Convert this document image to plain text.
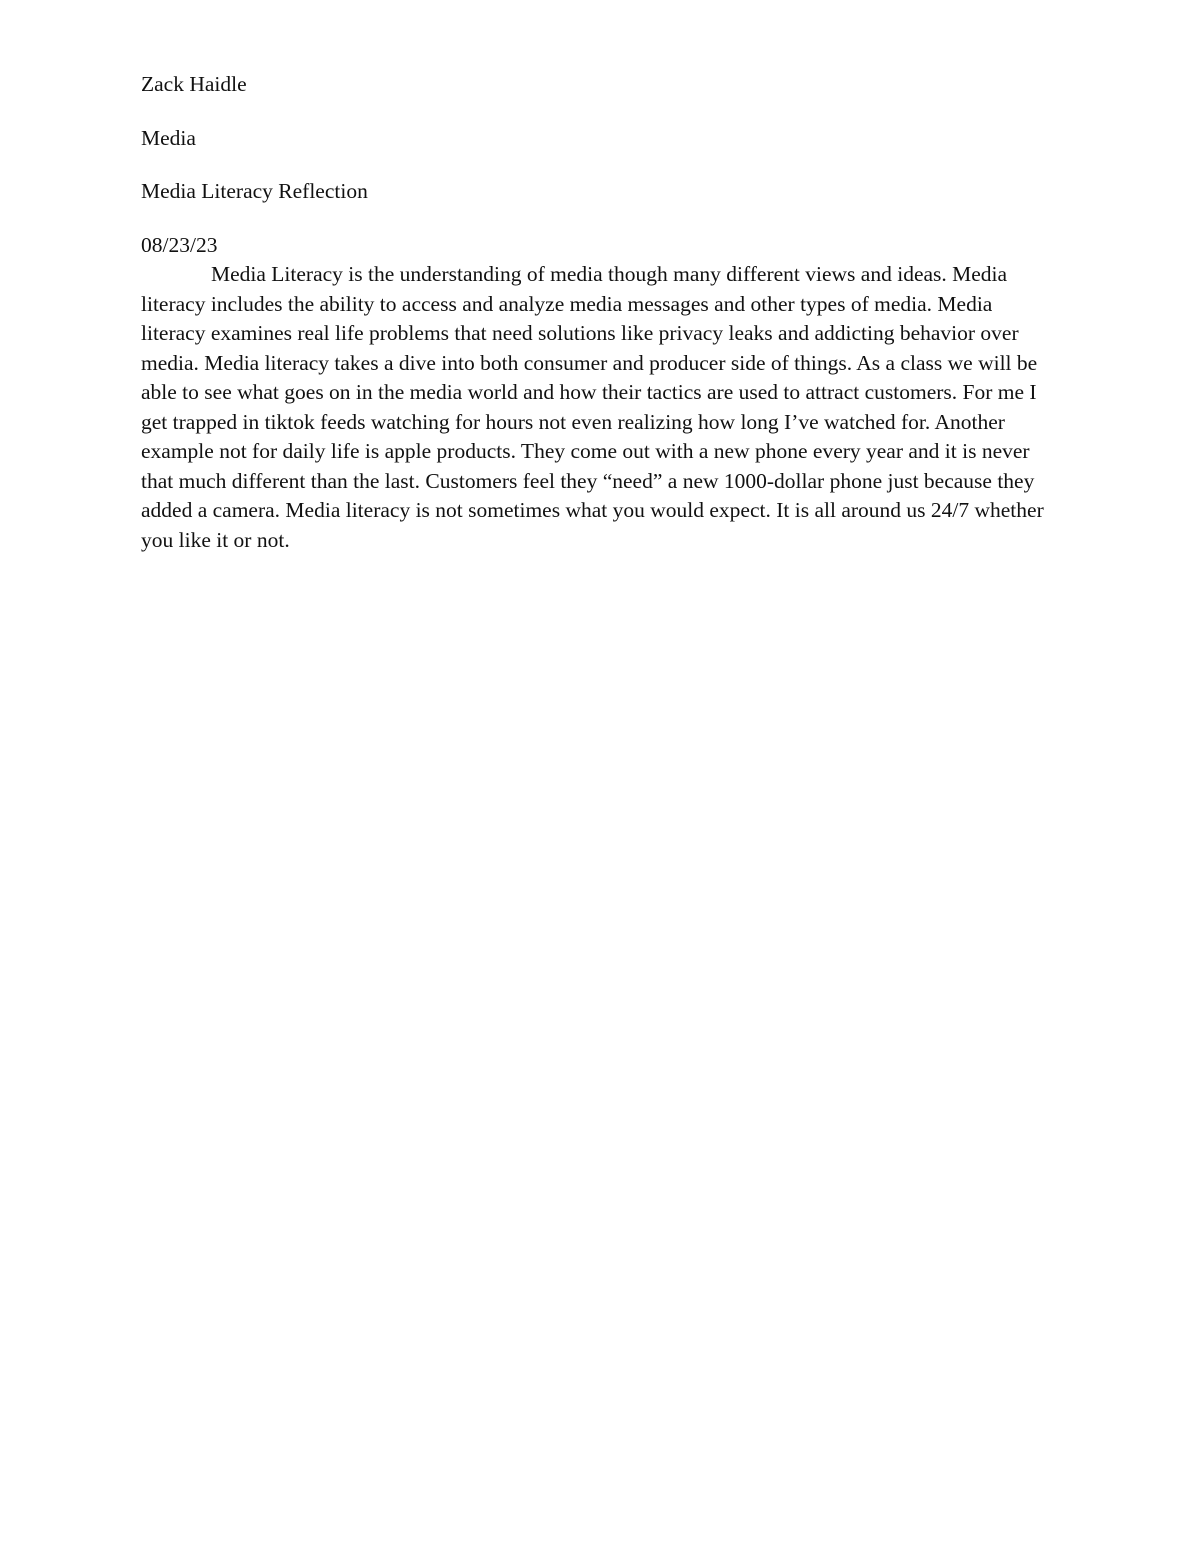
Zack Haidle

Media

Media Literacy Reflection

08/23/23

Media Literacy is the understanding of media though many different views and ideas. Media literacy includes the ability to access and analyze media messages and other types of media. Media literacy examines real life problems that need solutions like privacy leaks and addicting behavior over media. Media literacy takes a dive into both consumer and producer side of things. As a class we will be able to see what goes on in the media world and how their tactics are used to attract customers. For me I get trapped in tiktok feeds watching for hours not even realizing how long I’ve watched for. Another example not for daily life is apple products. They come out with a new phone every year and it is never that much different than the last. Customers feel they “need” a new 1000-dollar phone just because they added a camera. Media literacy is not sometimes what you would expect. It is all around us 24/7 whether you like it or not.
